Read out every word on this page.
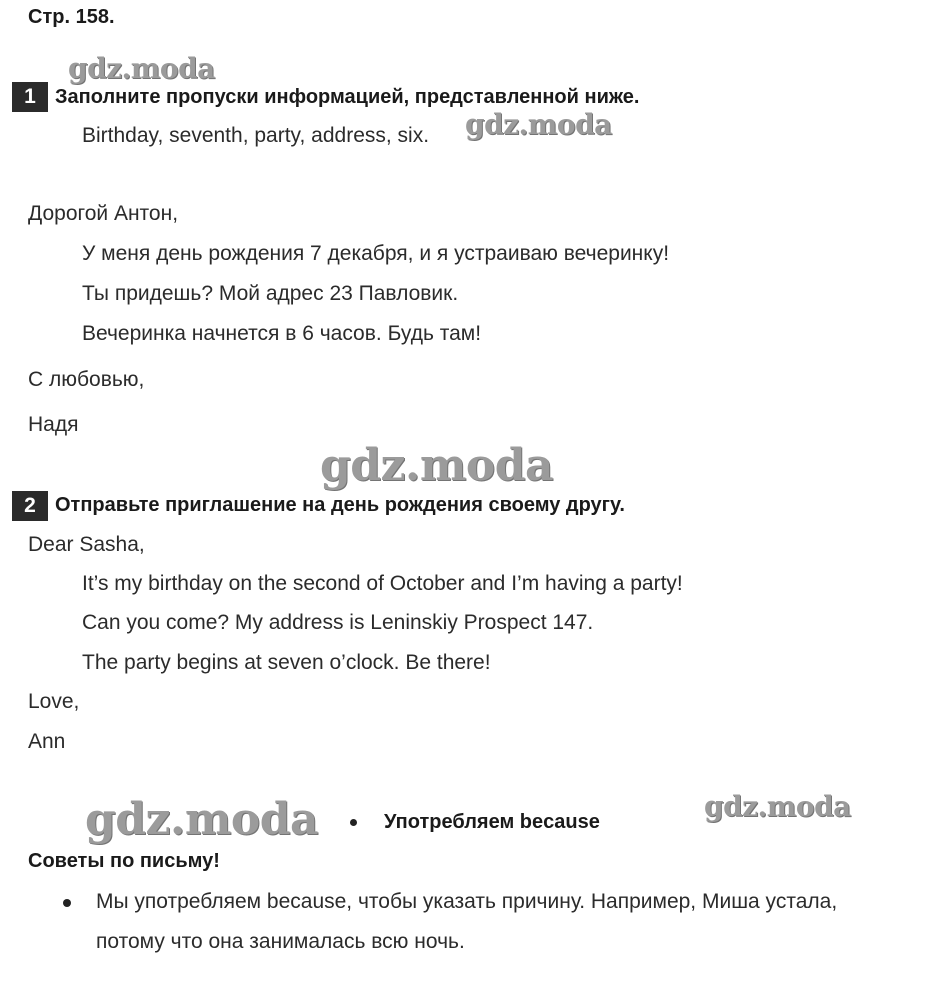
Стр. 158.
gdz.moda
gdz.moda
gdz.moda
gdz.moda	gdz.moda
1 Заполните пропуски информацией, представленной ниже.
Birthday, seventh, party, address, six.
Дорогой Антон,
У меня день рождения 7 декабря, и я устраиваю вечеринку!
Ты придешь? Мой адрес 23 Павловик.
Вечеринка начнется в 6 часов. Будь там!
С любовью,
Надя
2 Отправьте приглашение на день рождения своему другу.
Dear Sasha,
It’s my birthday on the second of October and I’m having a party!
Can you come? My address is Leninskiy Prospect 147.
The party begins at seven o’clock. Be there!
Love,
Ann
Употребляем because
Советы по письму!
Мы употребляем because, чтобы указать причину. Например, Миша устала,
потому что она занималась всю ночь.
